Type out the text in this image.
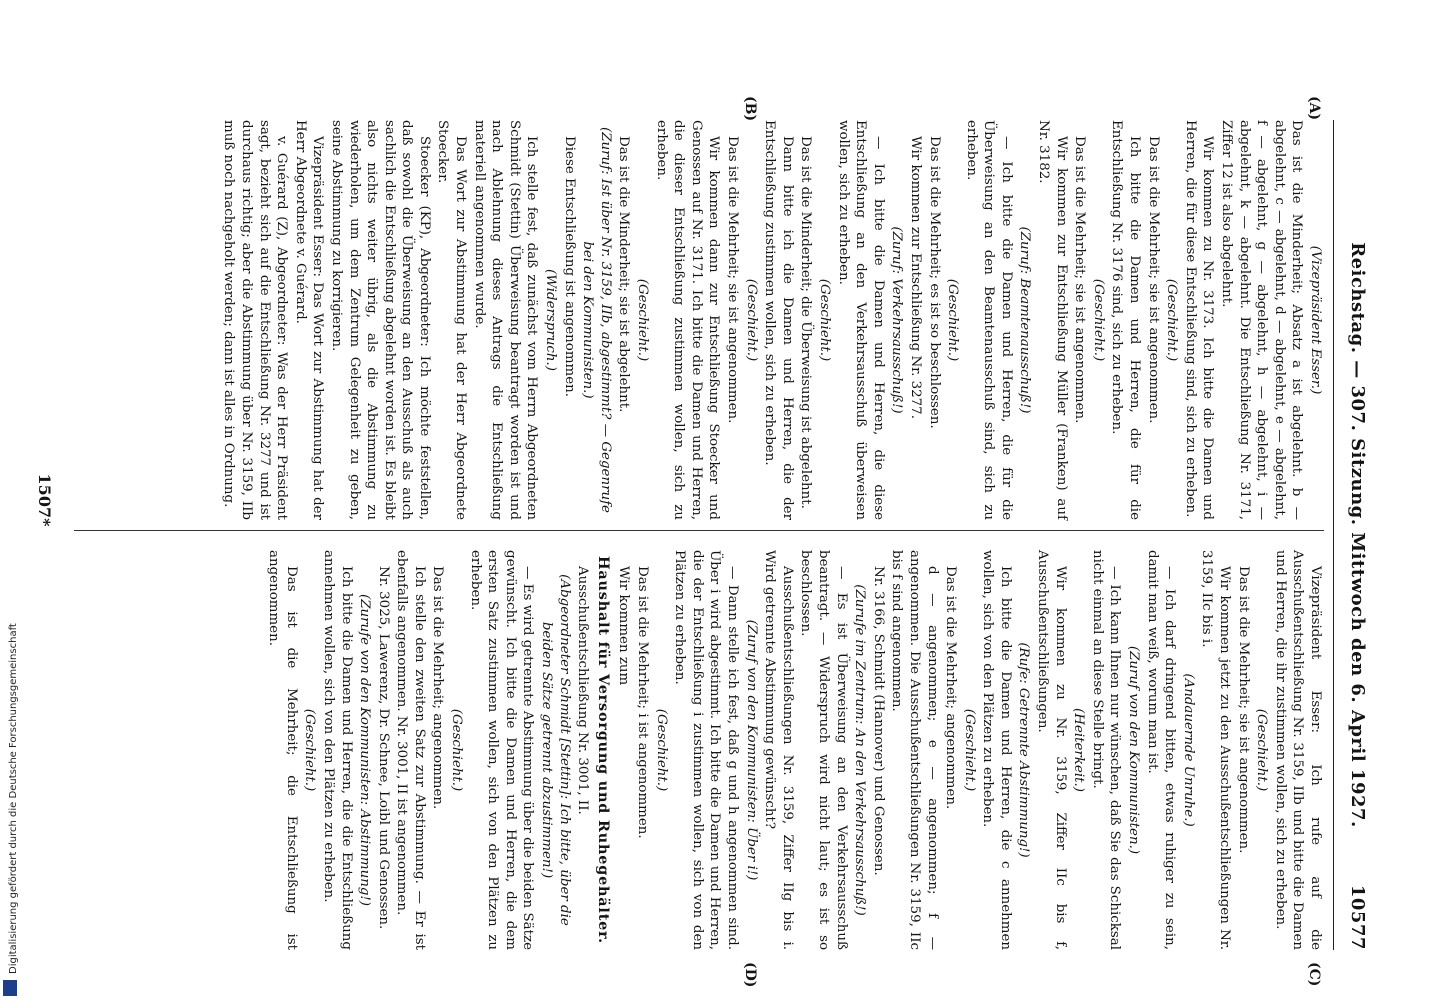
Reichstag. — 307. Sitzung. Mittwoch den 6. April 1927.
10577
(A)
(B)
(C)
(D)

(Vizepräsident Esser.)

Das ist die Minderheit; Absatz a ist abgelehnt. b — abgelehnt, c — abgelehnt, d — abgelehnt, e — abgelehnt, f — abgelehnt, g — abgelehnt, h — abgelehnt, i — abgelehnt, k — abgelehnt. Die Entschließung Nr. 3171, Ziffer 12 ist also abgelehnt.

Wir kommen zu Nr. 3173. Ich bitte die Damen und Herren, die für diese Entschließung sind, sich zu erheben.

(Geschieht.)

Das ist die Mehrheit; sie ist angenommen.

Ich bitte die Damen und Herren, die für die Entschließung Nr. 3176 sind, sich zu erheben.

(Geschieht.)

Das ist die Mehrheit; sie ist angenommen.

Wir kommen zur Entschließung Müller (Franken) auf Nr. 3182.

(Zuruf: Beamtenausschuß!)

— Ich bitte die Damen und Herren, die für die Überweisung an den Beamtenausschuß sind, sich zu erheben.

(Geschieht.)

Das ist die Mehrheit; es ist so beschlossen.

Wir kommen zur Entschließung Nr. 3277.

(Zuruf: Verkehrsausschuß!)

— Ich bitte die Damen und Herren, die diese Entschließung an den Verkehrsausschuß überweisen wollen, sich zu erheben.

(Geschieht.)

Das ist die Minderheit; die Überweisung ist abgelehnt.

Dann bitte ich die Damen und Herren, die der Entschließung zustimmen wollen, sich zu erheben.

(Geschieht.)

Das ist die Mehrheit; sie ist angenommen.

Wir kommen dann zur Entschließung Stoecker und Genossen auf Nr. 3171. Ich bitte die Damen und Herren, die dieser Entschließung zustimmen wollen, sich zu erheben.

(Geschieht.)

Das ist die Minderheit; sie ist abgelehnt.

(Zuruf: Ist über Nr. 3159, IIb, abgestimmt? — Gegenrufe bei den Kommunisten.)

Diese Entschließung ist angenommen.

(Widerspruch.)

Ich stelle fest, daß zunächst vom Herrn Abgeordneten Schmidt (Stettin) Überweisung beantragt worden ist und nach Ablehnung dieses Antrags die Entschließung materiell angenommen wurde.

Das Wort zur Abstimmung hat der Herr Abgeordnete Stoecker.

Stoecker (KP), Abgeordneter: Ich möchte feststellen, daß sowohl die Überweisung an den Ausschuß als auch sachlich die Entschließung abgelehnt worden ist. Es bleibt also nichts weiter übrig, als die Abstimmung zu wiederholen, um dem Zentrum Gelegenheit zu geben, seine Abstimmung zu korrigieren.

Vizepräsident Esser: Das Wort zur Abstimmung hat der Herr Abgeordnete v. Guérard.

v. Guérard (Z), Abgeordneter: Was der Herr Präsident sagt, bezieht sich auf die Entschließung Nr. 3277 und ist durchaus richtig; aber die Abstimmung über Nr. 3159, IIb muß noch nachgeholt werden; dann ist alles in Ordnung.

Vizepräsident Esser: Ich rufe auf die Ausschußentschließung Nr. 3159, IIb und bitte die Damen und Herren, die ihr zustimmen wollen, sich zu erheben.

(Geschieht.)

Das ist die Mehrheit; sie ist angenommen.

Wir kommen jetzt zu den Ausschußentschließungen Nr. 3159, IIc bis i.

(Andauernde Unruhe.)

— Ich darf dringend bitten, etwas ruhiger zu sein, damit man weiß, worum man ist.

(Zuruf von den Kommunisten.)

— Ich kann Ihnen nur wünschen, daß Sie das Schicksal nicht einmal an diese Stelle bringt.

(Heiterkeit.)

Wir kommen zu Nr. 3159, Ziffer IIc bis f, Ausschußentschließungen.

(Rufe: Getrennte Abstimmung!)

Ich bitte die Damen und Herren, die c annehmen wollen, sich von den Plätzen zu erheben.

(Geschieht.)

Das ist die Mehrheit; angenommen.

d — angenommen; e — angenommen; f — angenommen. Die Ausschußentschließungen Nr. 3159, IIc bis f sind angenommen.

Nr. 3166, Schmidt (Hannover) und Genossen.

(Zurufe im Zentrum: An den Verkehrsausschuß!)

— Es ist Überweisung an den Verkehrsausschuß beantragt. — Widerspruch wird nicht laut; es ist so beschlossen.

Ausschußentschließungen Nr. 3159, Ziffer IIg bis i. Wird getrennte Abstimmung gewünscht?

(Zuruf von den Kommunisten: Über i!)

— Dann stelle ich fest, daß g und h angenommen sind. Über i wird abgestimmt. Ich bitte die Damen und Herren, die der Entschließung i zustimmen wollen, sich von den Plätzen zu erheben.

(Geschieht.)

Das ist die Mehrheit; i ist angenommen.

Wir kommen zum

Haushalt für Versorgung und Ruhegehälter.

Ausschußentschließung Nr. 3001, II.

(Abgeordneter Schmidt [Stettin]: Ich bitte, über die beiden Sätze getrennt abzustimmen!)

— Es wird getrennte Abstimmung über die beiden Sätze gewünscht. Ich bitte die Damen und Herren, die dem ersten Satz zustimmen wollen, sich von den Plätzen zu erheben.

(Geschieht.)

Das ist die Mehrheit; angenommen.

Ich stelle den zweiten Satz zur Abstimmung. — Er ist ebenfalls angenommen. Nr. 3001, II ist angenommen.

Nr. 3025, Lawerenz, Dr. Schnee, Loibl und Genossen.

(Zurufe von den Kommunisten: Abstimmung!)

Ich bitte die Damen und Herren, die die Entschließung annehmen wollen, sich von den Plätzen zu erheben.

(Geschieht.)

Das ist die Mehrheit; die Entschließung ist angenommen.

1507*
Digitalisierung gefördert durch die Deutsche Forschungsgemeinschaft
